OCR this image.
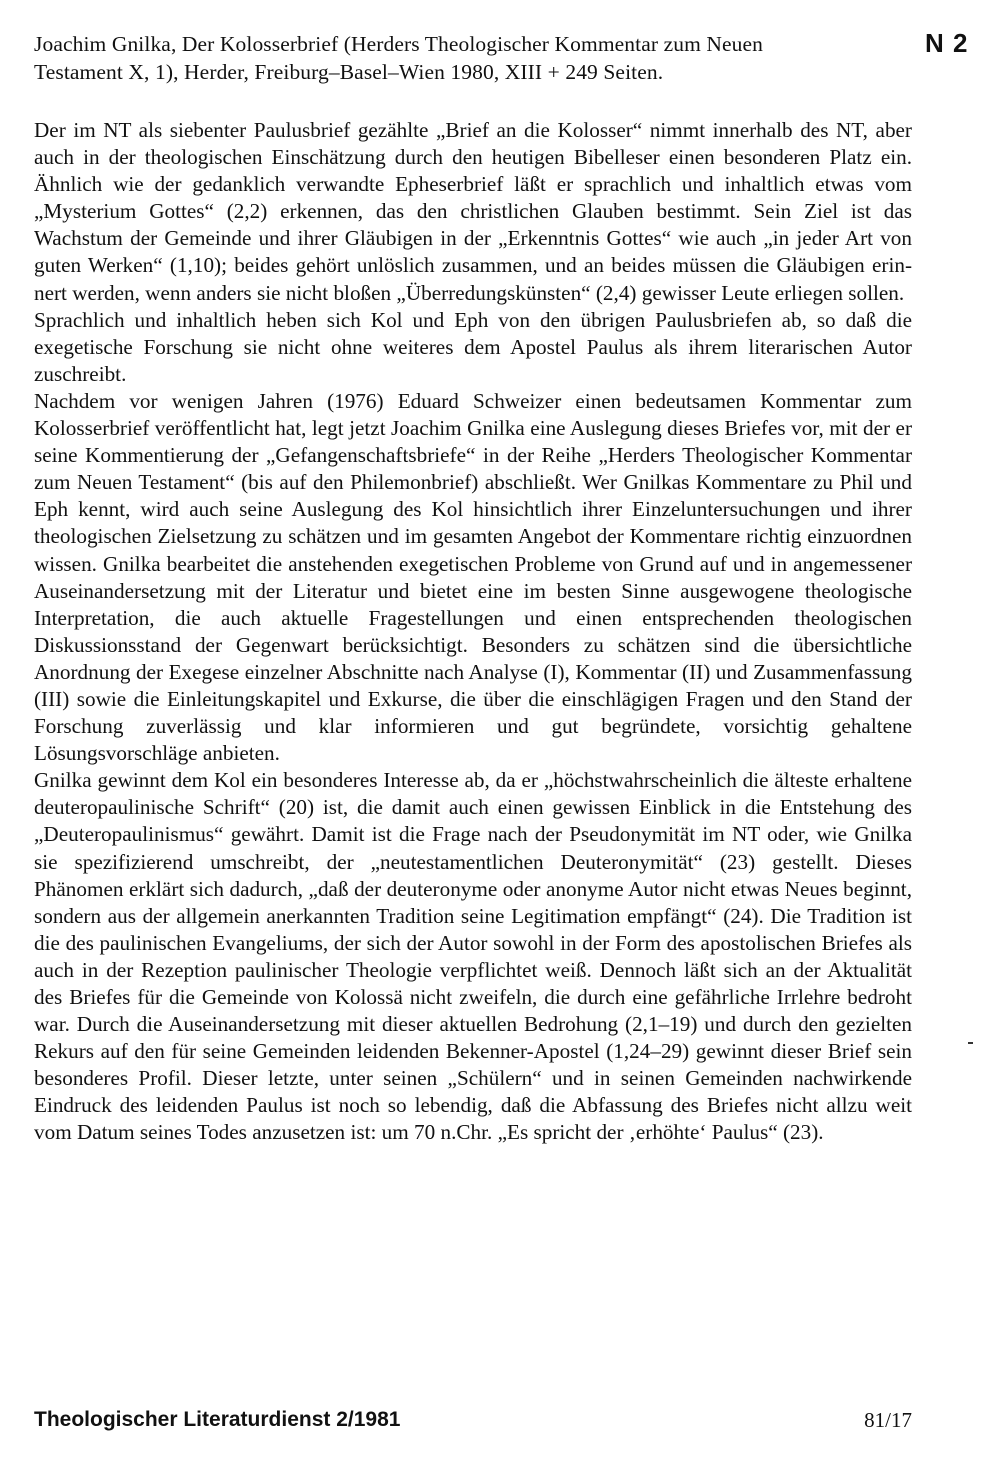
Joachim Gnilka, Der Kolosserbrief (Herders Theologischer Kommentar zum Neuen

Testament X, 1), Herder, Freiburg–Basel–Wien 1980, XIII + 249 Seiten.

N 2

Der im NT als siebenter Paulusbrief gezählte „Brief an die Kolosser“ nimmt innerhalb des NT, aber auch in der theologischen Einschätzung durch den heutigen Bibelleser einen besonderen Platz ein. Ähnlich wie der gedanklich verwandte Epheserbrief läßt er sprachlich und inhaltlich etwas vom „Mysterium Gottes“ (2,2) erkennen, das den christlichen Glauben bestimmt. Sein Ziel ist das Wachstum der Gemeinde und ihrer Gläubigen in der „Erkenntnis Gottes“ wie auch „in jeder Art von guten Werken“ (1,10); beides gehört unlöslich zusammen, und an beides müssen die Gläubigen erinnert werden, wenn anders sie nicht bloßen „Überredungskünsten“ (2,4) gewisser Leute erliegen sollen.

Sprachlich und inhaltlich heben sich Kol und Eph von den übrigen Paulusbriefen ab, so daß die exegetische Forschung sie nicht ohne weiteres dem Apostel Paulus als ihrem literarischen Autor zuschreibt.

Nachdem vor wenigen Jahren (1976) Eduard Schweizer einen bedeutsamen Kommentar zum Kolosserbrief veröffentlicht hat, legt jetzt Joachim Gnilka eine Auslegung dieses Briefes vor, mit der er seine Kommentierung der „Gefangenschaftsbriefe“ in der Reihe „Herders Theologischer Kommentar zum Neuen Testament“ (bis auf den Philemonbrief) abschließt. Wer Gnilkas Kommentare zu Phil und Eph kennt, wird auch seine Auslegung des Kol hinsichtlich ihrer Einzeluntersuchungen und ihrer theologischen Zielsetzung zu schätzen und im gesamten Angebot der Kommentare richtig einzuordnen wissen. Gnilka bearbeitet die anstehenden exegetischen Probleme von Grund auf und in angemessener Auseinandersetzung mit der Literatur und bietet eine im besten Sinne ausgewogene theologische Interpretation, die auch aktuelle Fragestellungen und einen entsprechenden theologischen Diskussionsstand der Gegenwart berücksichtigt. Besonders zu schätzen sind die übersichtliche Anordnung der Exegese einzelner Abschnitte nach Analyse (I), Kommentar (II) und Zusammenfassung (III) sowie die Einleitungskapitel und Exkurse, die über die einschlägigen Fragen und den Stand der Forschung zuverlässig und klar informieren und gut begründete, vorsichtig gehaltene Lösungsvorschläge anbieten.

Gnilka gewinnt dem Kol ein besonderes Interesse ab, da er „höchstwahrscheinlich die älteste erhaltene deuteropaulinische Schrift“ (20) ist, die damit auch einen gewissen Einblick in die Entstehung des „Deuteropaulinismus“ gewährt. Damit ist die Frage nach der Pseudonymität im NT oder, wie Gnilka sie spezifizierend umschreibt, der „neutestamentlichen Deuteronymität“ (23) gestellt. Dieses Phänomen erklärt sich dadurch, „daß der deuteronyme oder anonyme Autor nicht etwas Neues beginnt, sondern aus der allgemein anerkannten Tradition seine Legitimation empfängt“ (24). Die Tradition ist die des paulinischen Evangeliums, der sich der Autor sowohl in der Form des apostolischen Briefes als auch in der Rezeption paulinischer Theologie verpflichtet weiß. Dennoch läßt sich an der Aktualität des Briefes für die Gemeinde von Kolossä nicht zweifeln, die durch eine gefährliche Irrlehre bedroht war. Durch die Auseinandersetzung mit dieser aktuellen Bedrohung (2,1–19) und durch den gezielten Rekurs auf den für seine Gemeinden leidenden Bekenner-Apostel (1,24–29) gewinnt dieser Brief sein besonderes Profil. Dieser letzte, unter seinen „Schülern“ und in seinen Gemeinden nachwirkende Eindruck des leidenden Paulus ist noch so lebendig, daß die Abfassung des Briefes nicht allzu weit vom Datum seines Todes anzusetzen ist: um 70 n.Chr. „Es spricht der ‚erhöhte‘ Paulus“ (23).

Theologischer Literaturdienst 2/1981	81/17
